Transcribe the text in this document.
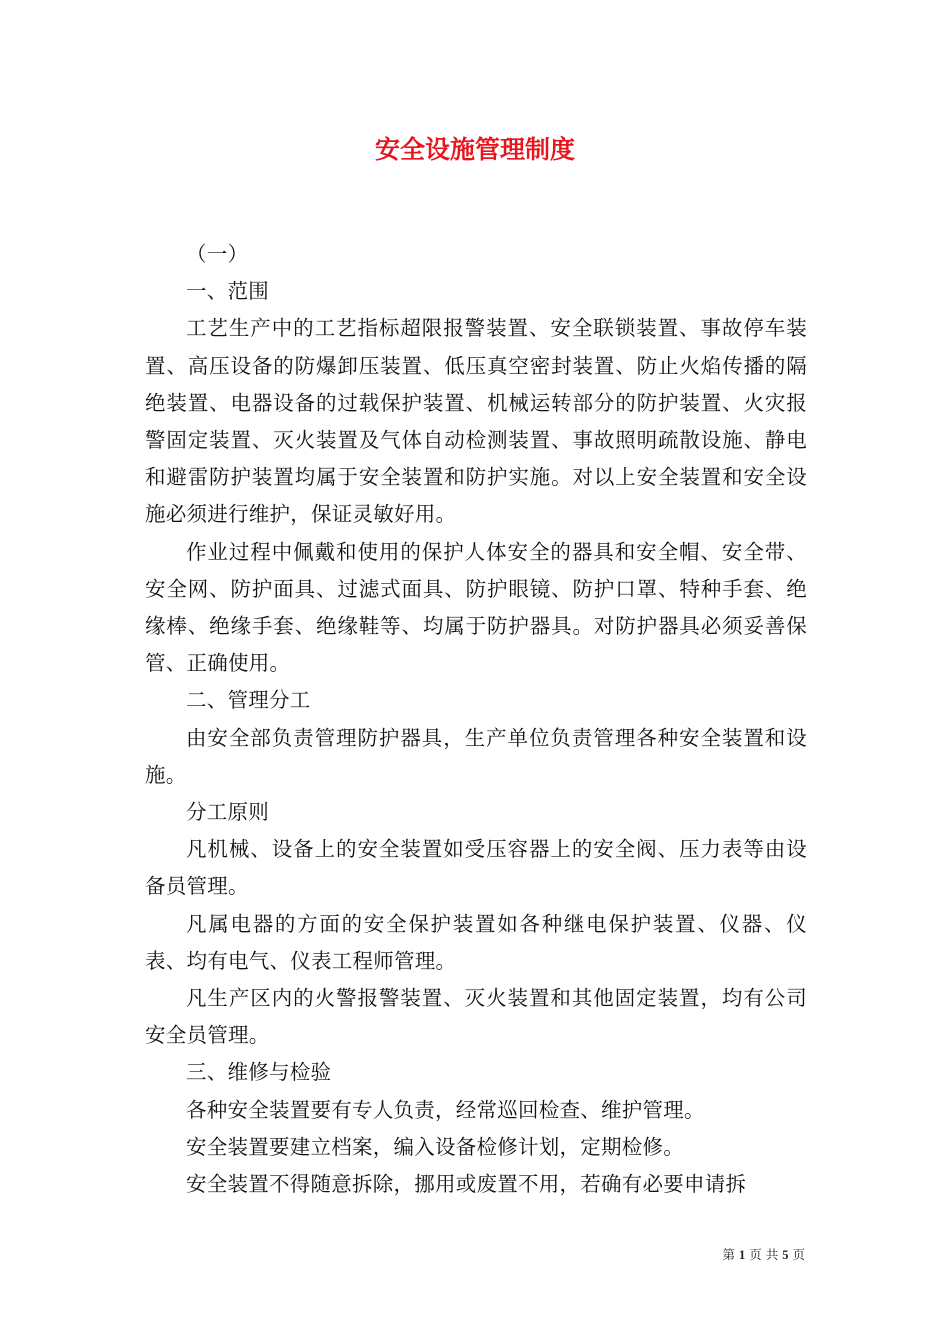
安全设施管理制度

（一）

一、范围

工艺生产中的工艺指标超限报警装置、安全联锁装置、事故停车装置、高压设备的防爆卸压装置、低压真空密封装置、防止火焰传播的隔绝装置、电器设备的过载保护装置、机械运转部分的防护装置、火灾报警固定装置、灭火装置及气体自动检测装置、事故照明疏散设施、静电和避雷防护装置均属于安全装置和防护实施。对以上安全装置和安全设施必须进行维护，保证灵敏好用。

作业过程中佩戴和使用的保护人体安全的器具和安全帽、安全带、安全网、防护面具、过滤式面具、防护眼镜、防护口罩、特种手套、绝缘棒、绝缘手套、绝缘鞋等、均属于防护器具。对防护器具必须妥善保管、正确使用。

二、管理分工

由安全部负责管理防护器具，生产单位负责管理各种安全装置和设施。

分工原则

凡机械、设备上的安全装置如受压容器上的安全阀、压力表等由设备员管理。

凡属电器的方面的安全保护装置如各种继电保护装置、仪器、仪表、均有电气、仪表工程师管理。

凡生产区内的火警报警装置、灭火装置和其他固定装置，均有公司安全员管理。

三、维修与检验

各种安全装置要有专人负责，经常巡回检查、维护管理。

安全装置要建立档案，编入设备检修计划，定期检修。

安全装置不得随意拆除，挪用或废置不用，若确有必要申请拆

第 1 页 共 5 页
